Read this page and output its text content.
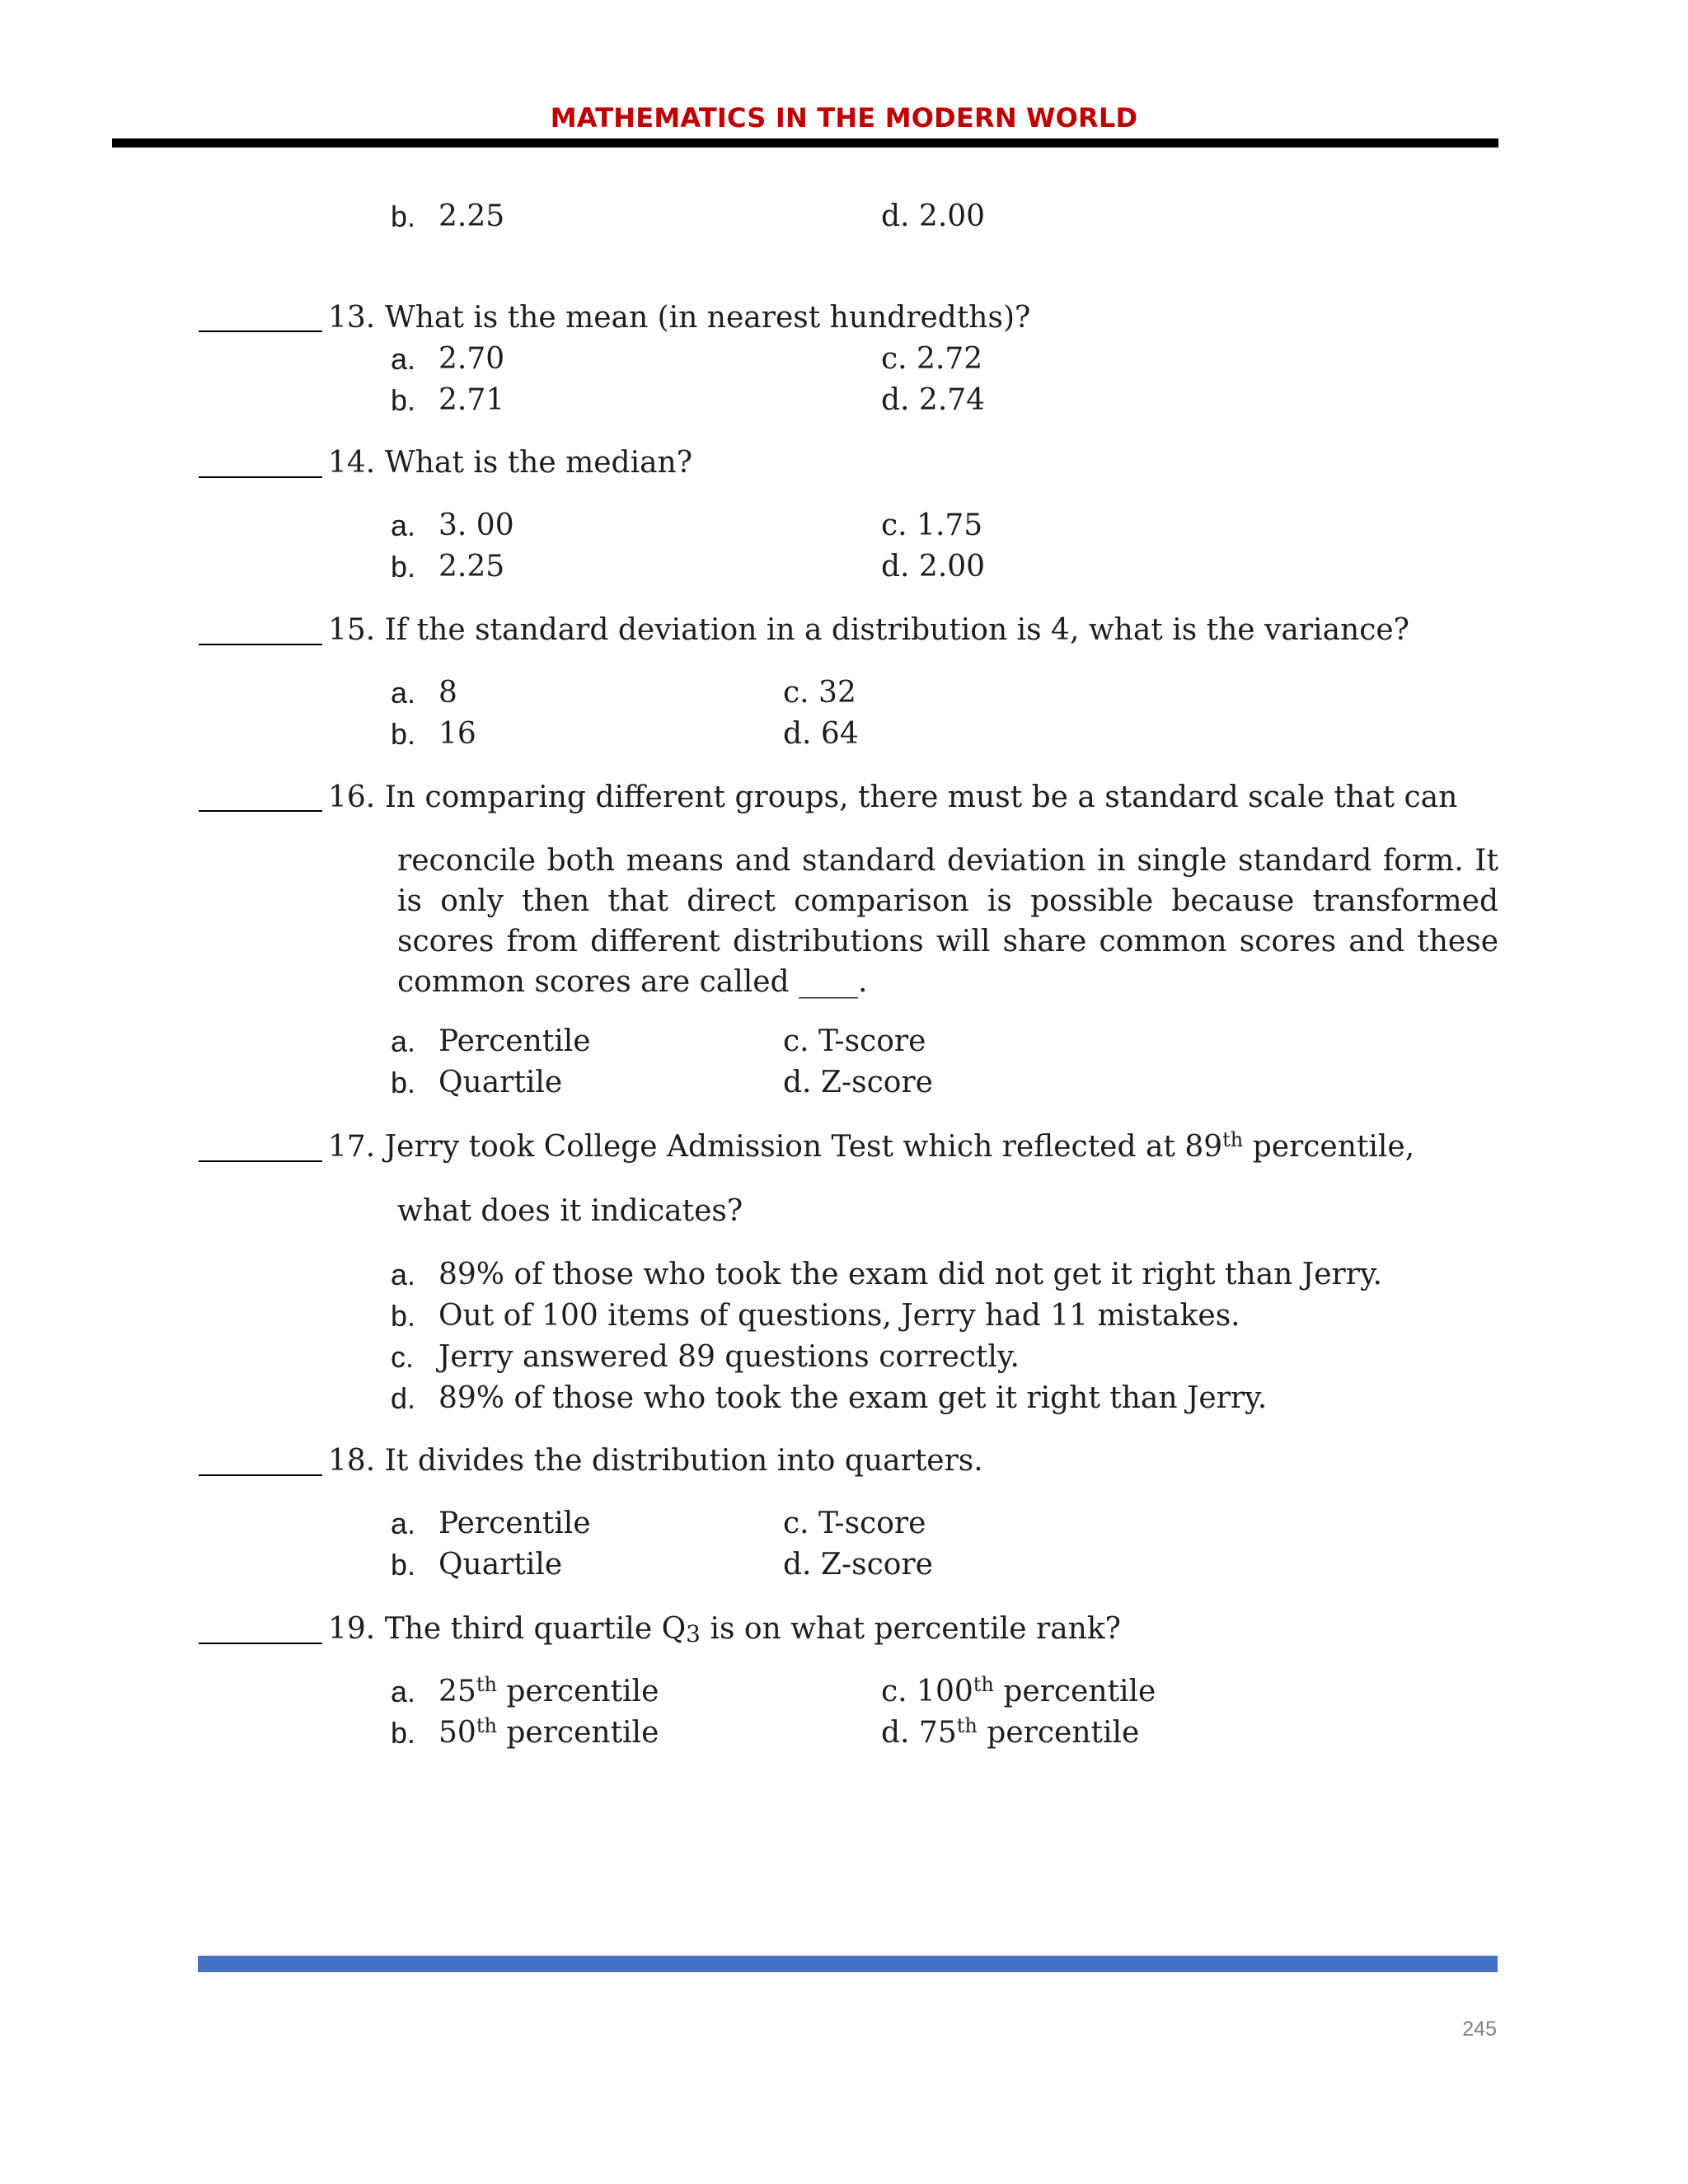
MATHEMATICS IN THE MODERN WORLD
b. 2.25	d. 2.00
13. What is the mean (in nearest hundredths)?
a. 2.70	c. 2.72
b. 2.71	d. 2.74
14. What is the median?
a. 3. 00	c. 1.75
b. 2.25	d. 2.00
15. If the standard deviation in a distribution is 4, what is the variance?
a. 8	c. 32
b. 16	d. 64
16. In comparing different groups, there must be a standard scale that can
reconcile both means and standard deviation in single standard form. It is only then that direct comparison is possible because transformed scores from different distributions will share common scores and these common scores are called ____.
a. Percentile	c. T-score
b. Quartile	d. Z-score
17. Jerry took College Admission Test which reflected at 89th percentile,
what does it indicates?
a. 89% of those who took the exam did not get it right than Jerry.
b. Out of 100 items of questions, Jerry had 11 mistakes.
c. Jerry answered 89 questions correctly.
d. 89% of those who took the exam get it right than Jerry.
18. It divides the distribution into quarters.
a. Percentile	c. T-score
b. Quartile	d. Z-score
19. The third quartile $Q_3$ is on what percentile rank?
a. 25th percentile	c. 100th percentile
b. 50th percentile	d. 75th percentile
245
